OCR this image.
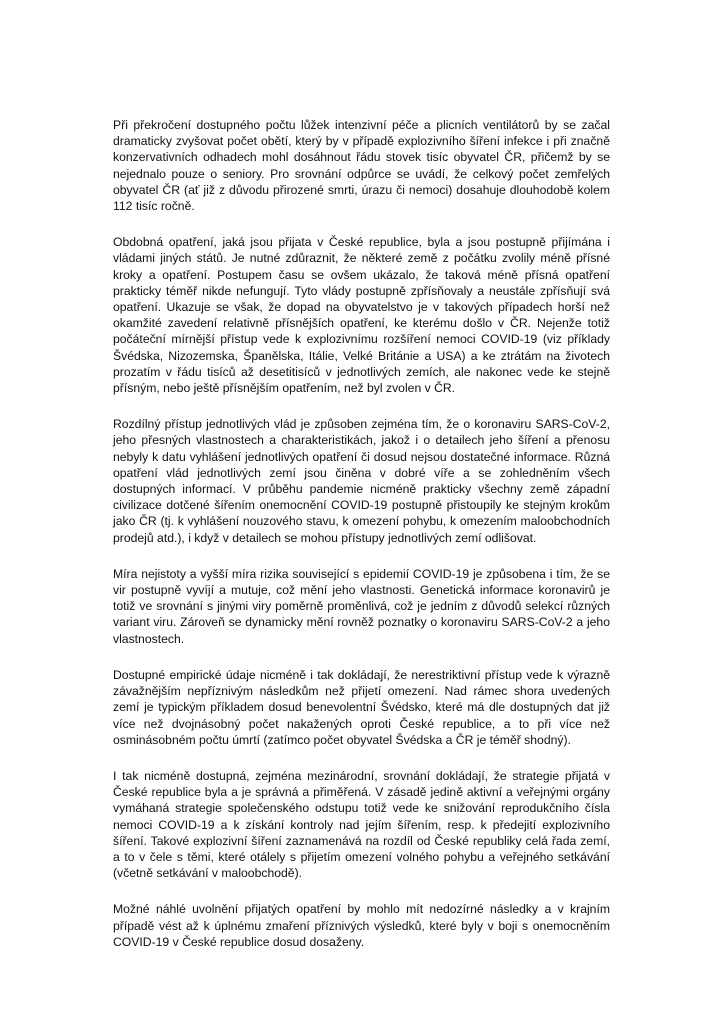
Při překročení dostupného počtu lůžek intenzivní péče a plicních ventilátorů by se začal dramaticky zvyšovat počet obětí, který by v případě explozivního šíření infekce i při značně konzervativních odhadech mohl dosáhnout řádu stovek tisíc obyvatel ČR, přičemž by se nejednalo pouze o seniory. Pro srovnání odpůrce se uvádí, že celkový počet zemřelých obyvatel ČR (ať již z důvodu přirozené smrti, úrazu či nemoci) dosahuje dlouhodobě kolem 112 tisíc ročně.

Obdobná opatření, jaká jsou přijata v České republice, byla a jsou postupně přijímána i vládami jiných států. Je nutné zdůraznit, že některé země z počátku zvolily méně přísné kroky a opatření. Postupem času se ovšem ukázalo, že taková méně přísná opatření prakticky téměř nikde nefungují. Tyto vlády postupně zpřísňovaly a neustále zpřísňují svá opatření. Ukazuje se však, že dopad na obyvatelstvo je v takových případech horší než okamžité zavedení relativně přísnějších opatření, ke kterému došlo v ČR. Nejenže totiž počáteční mírnější přístup vede k explozivnímu rozšíření nemoci COVID-19 (viz příklady Švédska, Nizozemska, Španělska, Itálie, Velké Británie a USA) a ke ztrátám na životech prozatím v řádu tisíců až desetitisíců v jednotlivých zemích, ale nakonec vede ke stejně přísným, nebo ještě přísnějším opatřením, než byl zvolen v ČR.

Rozdílný přístup jednotlivých vlád je způsoben zejména tím, že o koronaviru SARS-CoV-2, jeho přesných vlastnostech a charakteristikách, jakož i o detailech jeho šíření a přenosu nebyly k datu vyhlášení jednotlivých opatření či dosud nejsou dostatečné informace. Různá opatření vlád jednotlivých zemí jsou činěna v dobré víře a se zohledněním všech dostupných informací. V průběhu pandemie nicméně prakticky všechny země západní civilizace dotčené šířením onemocnění COVID-19 postupně přistoupily ke stejným krokům jako ČR (tj. k vyhlášení nouzového stavu, k omezení pohybu, k omezením maloobchodních prodejů atd.), i když v detailech se mohou přístupy jednotlivých zemí odlišovat.

Míra nejistoty a vyšší míra rizika související s epidemií COVID-19 je způsobena i tím, že se vir postupně vyvíjí a mutuje, což mění jeho vlastnosti. Genetická informace koronavirů je totiž ve srovnání s jinými viry poměrně proměnlivá, což je jedním z důvodů selekcí různých variant viru. Zároveň se dynamicky mění rovněž poznatky o koronaviru SARS-CoV-2 a jeho vlastnostech.

Dostupné empirické údaje nicméně i tak dokládají, že nerestriktivní přístup vede k výrazně závažnějším nepříznivým následkům než přijetí omezení. Nad rámec shora uvedených zemí je typickým příkladem dosud benevolentní Švédsko, které má dle dostupných dat již více než dvojnásobný počet nakažených oproti České republice, a to při více než osminásobném počtu úmrtí (zatímco počet obyvatel Švédska a ČR je téměř shodný).

I tak nicméně dostupná, zejména mezinárodní, srovnání dokládají, že strategie přijatá v České republice byla a je správná a přiměřená. V zásadě jedině aktivní a veřejnými orgány vymáhaná strategie společenského odstupu totiž vede ke snižování reprodukčního čísla nemoci COVID-19 a k získání kontroly nad jejím šířením, resp. k předejití explozivního šíření. Takové explozivní šíření zaznamenává na rozdíl od České republiky celá řada zemí, a to v čele s těmi, které otálely s přijetím omezení volného pohybu a veřejného setkávání (včetně setkávání v maloobchodě).

Možné náhlé uvolnění přijatých opatření by mohlo mít nedozírné následky a v krajním případě vést až k úplnému zmaření příznivých výsledků, které byly v boji s onemocněním COVID-19 v České republice dosud dosaženy.
